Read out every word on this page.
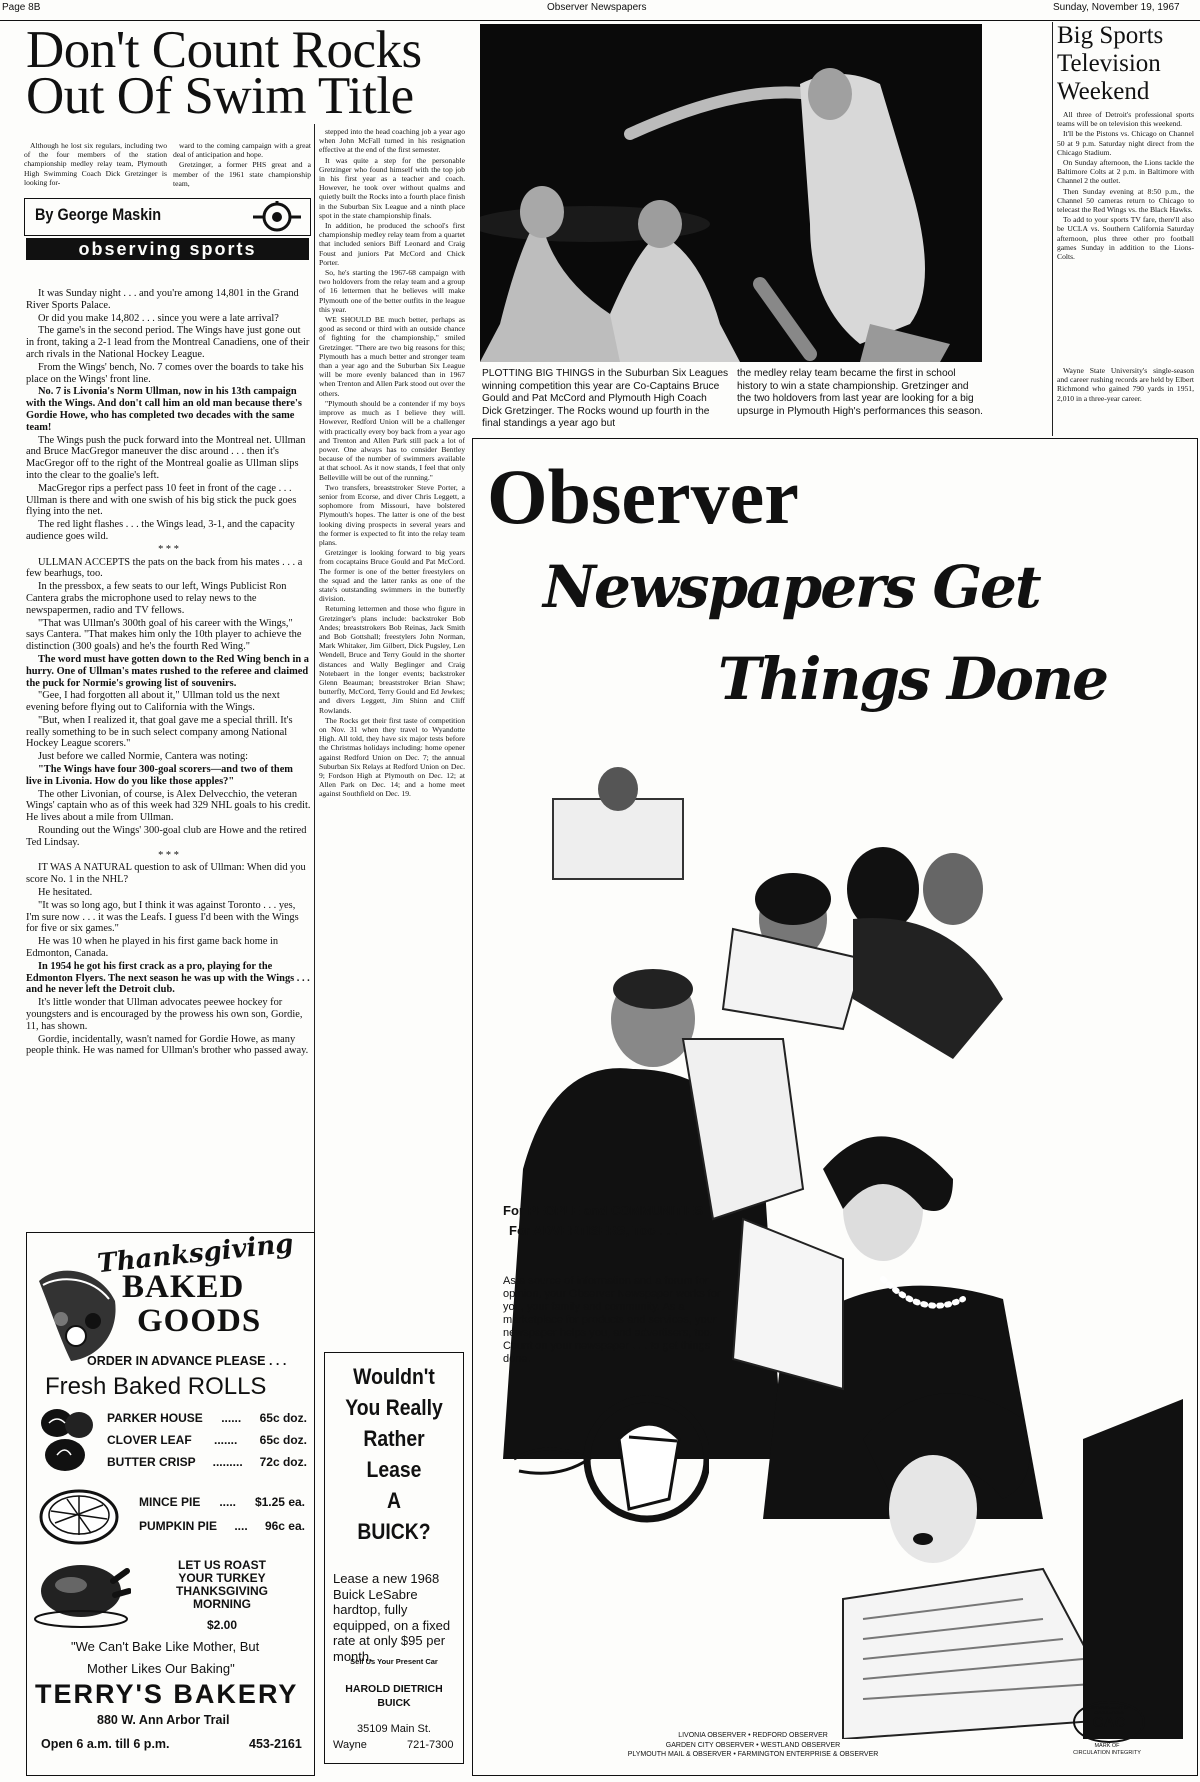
Page 8B	Observer Newspapers	Sunday, November 19, 1967
Don't Count Rocks
Out Of Swim Title

Although he lost six regulars, including two of the four members of the station championship medley relay team, Plymouth High Swimming Coach Dick Gretzinger is looking for-

ward to the coming campaign with a great deal of anticipation and hope.

Gretzinger, a former PHS great and a member of the 1961 state championship team,

stepped into the head coaching job a year ago when John McFall turned in his resignation effective at the end of the first semester.

It was quite a step for the personable Gretzinger who found himself with the top job in his first year as a teacher and coach. However, he took over without qualms and quietly built the Rocks into a fourth place finish in the Suburban Six League and a ninth place spot in the state championship finals.

In addition, he produced the school's first championship medley relay team from a quartet that included seniors Biff Leonard and Craig Foust and juniors Pat McCord and Chick Porter.

So, he's starting the 1967-68 campaign with two holdovers from the relay team and a group of 16 lettermen that he believes will make Plymouth one of the better outfits in the league this year.

WE SHOULD BE much better, perhaps as good as second or third with an outside chance of fighting for the championship," smiled Gretzinger. "There are two big reasons for this; Plymouth has a much better and stronger team than a year ago and the Suburban Six League will be more evenly balanced than in 1967 when Trenton and Allen Park stood out over the others.

"Plymouth should be a contender if my boys improve as much as I believe they will. However, Redford Union will be a challenger with practically every boy back from a year ago and Trenton and Allen Park still pack a lot of power. One always has to consider Bentley because of the number of swimmers available at that school. As it now stands, I feel that only Belleville will be out of the running."

Two transfers, breaststroker Steve Porter, a senior from Ecorse, and diver Chris Leggett, a sophomore from Missouri, have bolstered Plymouth's hopes. The latter is one of the best looking diving prospects in several years and the former is expected to fit into the relay team plans.

Gretzinger is looking forward to big years from cocaptains Bruce Gould and Pat McCord. The former is one of the better freestylers on the squad and the latter ranks as one of the state's outstanding swimmers in the butterfly division.

Returning lettermen and those who figure in Gretzinger's plans include: backstroker Bob Andes; breaststrokers Bob Reinas, Jack Smith and Bob Gottshall; freestylers John Norman, Mark Whitaker, Jim Gilbert, Dick Pugsley, Len Wendell, Bruce and Terry Gould in the shorter distances and Wally Beglinger and Craig Notebaert in the longer events; backstroker Glenn Beauman; breaststroker Brian Shaw; butterfly, McCord, Terry Gould and Ed Jewkes; and divers Leggett, Jim Shinn and Cliff Rowlands.

The Rocks get their first taste of competition on Nov. 31 when they travel to Wyandotte High. All told, they have six major tests before the Christmas holidays including: home opener against Redford Union on Dec. 7; the annual Suburban Six Relays at Redford Union on Dec. 9; Fordson High at Plymouth on Dec. 12; at Allen Park on Dec. 14; and a home meet against Southfield on Dec. 19.

By George Maskin
observing sports

It was Sunday night . . . and you're among 14,801 in the Grand River Sports Palace.

Or did you make 14,802 . . . since you were a late arrival?

The game's in the second period. The Wings have just gone out in front, taking a 2-1 lead from the Montreal Canadiens, one of their arch rivals in the National Hockey League.

From the Wings' bench, No. 7 comes over the boards to take his place on the Wings' front line.

No. 7 is Livonia's Norm Ullman, now in his 13th campaign with the Wings. And don't call him an old man because there's Gordie Howe, who has completed two decades with the same team!

The Wings push the puck forward into the Montreal net. Ullman and Bruce MacGregor maneuver the disc around . . . then it's MacGregor off to the right of the Montreal goalie as Ullman slips into the clear to the goalie's left.

MacGregor rips a perfect pass 10 feet in front of the cage . . . Ullman is there and with one swish of his big stick the puck goes flying into the net.

The red light flashes . . . the Wings lead, 3-1, and the capacity audience goes wild.

* * *

ULLMAN ACCEPTS the pats on the back from his mates . . . a few bearhugs, too.

In the pressbox, a few seats to our left, Wings Publicist Ron Cantera grabs the microphone used to relay news to the newspapermen, radio and TV fellows.

"That was Ullman's 300th goal of his career with the Wings," says Cantera. "That makes him only the 10th player to achieve the distinction (300 goals) and he's the fourth Red Wing."

The word must have gotten down to the Red Wing bench in a hurry. One of Ullman's mates rushed to the referee and claimed the puck for Normie's growing list of souvenirs.

"Gee, I had forgotten all about it," Ullman told us the next evening before flying out to California with the Wings.

"But, when I realized it, that goal gave me a special thrill. It's really something to be in such select company among National Hockey League scorers."

Just before we called Normie, Cantera was noting:

"The Wings have four 300-goal scorers—and two of them live in Livonia. How do you like those apples?"

The other Livonian, of course, is Alex Delvecchio, the veteran Wings' captain who as of this week had 329 NHL goals to his credit. He lives about a mile from Ullman.

Rounding out the Wings' 300-goal club are Howe and the retired Ted Lindsay.

* * *

IT WAS A NATURAL question to ask of Ullman: When did you score No. 1 in the NHL?

He hesitated.

"It was so long ago, but I think it was against Toronto . . . yes, I'm sure now . . . it was the Leafs. I guess I'd been with the Wings for five or six games."

He was 10 when he played in his first game back home in Edmonton, Canada.

In 1954 he got his first crack as a pro, playing for the Edmonton Flyers. The next season he was up with the Wings . . . and he never left the Detroit club.

It's little wonder that Ullman advocates peewee hockey for youngsters and is encouraged by the prowess his own son, Gordie, 11, has shown.

Gordie, incidentally, wasn't named for Gordie Howe, as many people think. He was named for Ullman's brother who passed away.

Thanksgiving
BAKED
GOODS
ORDER IN ADVANCE PLEASE . . .
Fresh Baked ROLLS
PARKER HOUSE ...... 65c doz.
CLOVER LEAF ....... 65c doz.
BUTTER CRISP ......... 72c doz.
MINCE PIE ..... $1.25 ea.
PUMPKIN PIE .... 96c ea.
LET US ROAST
YOUR TURKEY
THANKSGIVING
MORNING
$2.00
"We Can't Bake Like Mother, But
Mother Likes Our Baking"
TERRY'S BAKERY
880 W. Ann Arbor Trail
Open 6 a.m. till 6 p.m.	453-2161
Wouldn't
You Really
Rather
Lease
A
BUICK?
Lease a new 1968 Buick LeSabre hardtop, fully equipped, on a fixed rate at only $95 per month.
Sell Us Your Present Car
HAROLD DIETRICH
BUICK
35109 Main St.
Wayne	721-7300
PLOTTING BIG THINGS in the Suburban Six Leagues winning competition this year are Co-Captains Bruce Gould and Pat McCord and Plymouth High Coach Dick Gretzinger. The Rocks wound up fourth in the final standings a year ago but
the medley relay team became the first in school history to win a state championship. Gretzinger and the two holdovers from last year are looking for a big upsurge in Plymouth High's performances this season.
Big Sports
Television
Weekend

All three of Detroit's professional sports teams will be on television this weekend.

It'll be the Pistons vs. Chicago on Channel 50 at 9 p.m. Saturday night direct from the Chicago Stadium.

On Sunday afternoon, the Lions tackle the Baltimore Colts at 2 p.m. in Baltimore with Channel 2 the outlet.

Then Sunday evening at 8:50 p.m., the Channel 50 cameras return to Chicago to telecast the Red Wings vs. the Black Hawks.

To add to your sports TV fare, there'll also be UCLA vs. Southern California Saturday afternoon, plus three other pro football games Sunday in addition to the Lions-Colts.

Wayne State University's single-season and career rushing records are held by Elbert Richmond who gained 790 yards in 1951, 2,010 in a three-year career.

Observer
Newspapers Get
Things Done
For PEOPLE and COMMUNITIES
For ADVERTISERS, Too . . .
As a source of information and a forum for opinion, your Observer Newspaper works for you, your family and community. As a marketplace for products and services, your newspaper helps you, and advertisers, too. Count on your newspaper . . . to get things done.
LIVONIA OBSERVER • REDFORD OBSERVER
GARDEN CITY OBSERVER • WESTLAND OBSERVER
PLYMOUTH MAIL & OBSERVER • FARMINGTON ENTERPRISE & OBSERVER
CERTIFIED AUDIT OF CIRCULATIONS
CAC
MARK OF
CIRCULATION INTEGRITY
